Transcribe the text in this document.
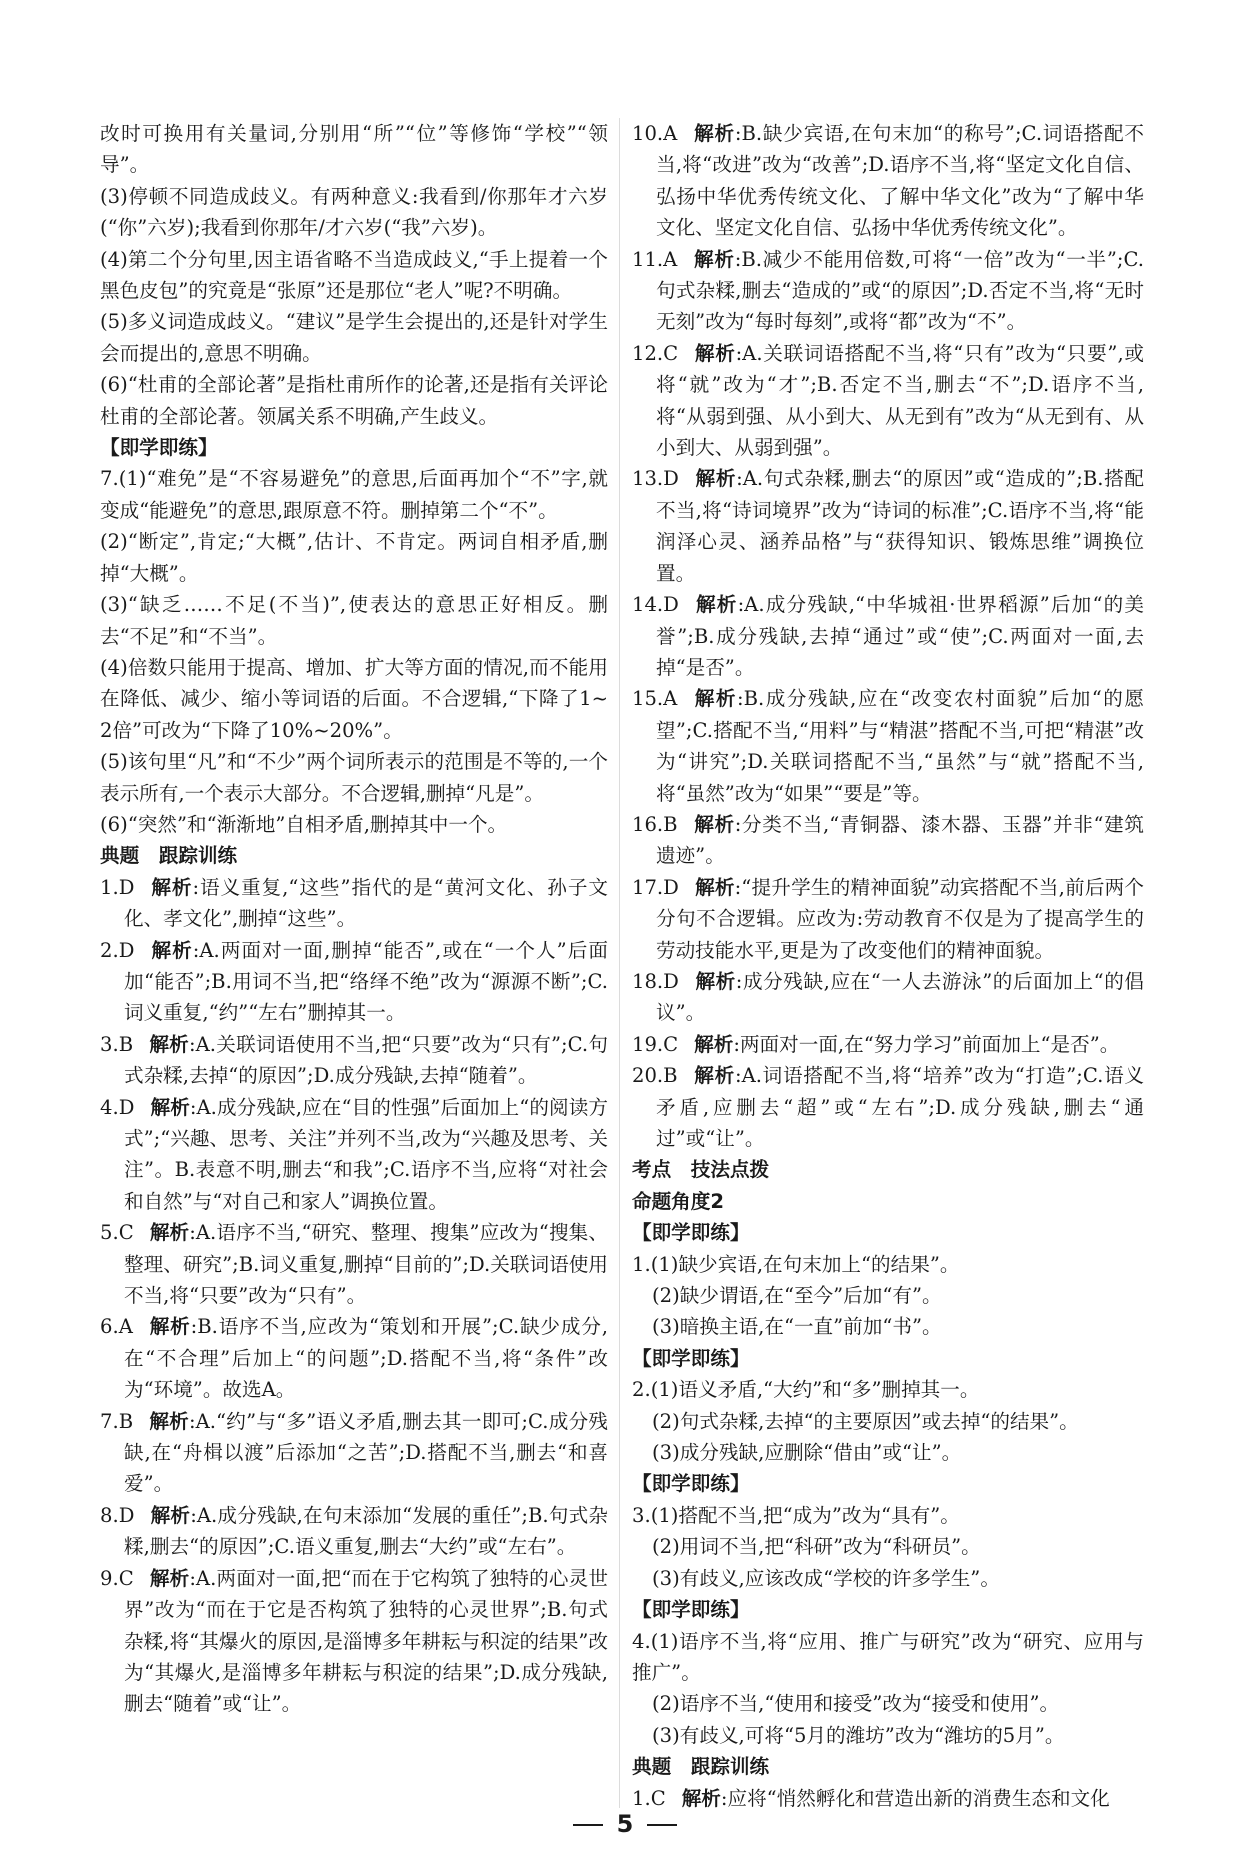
改时可换用有关量词,分别用“所”“位”等修饰“学校”“领导”。

(3)停顿不同造成歧义。有两种意义:我看到/你那年才六岁(“你”六岁);我看到你那年/才六岁(“我”六岁)。

(4)第二个分句里,因主语省略不当造成歧义,“手上提着一个黑色皮包”的究竟是“张原”还是那位“老人”呢?不明确。

(5)多义词造成歧义。“建议”是学生会提出的,还是针对学生会而提出的,意思不明确。

(6)“杜甫的全部论著”是指杜甫所作的论著,还是指有关评论杜甫的全部论著。领属关系不明确,产生歧义。

【即学即练】

7.(1)“难免”是“不容易避免”的意思,后面再加个“不”字,就变成“能避免”的意思,跟原意不符。删掉第二个“不”。

(2)“断定”,肯定;“大概”,估计、不肯定。两词自相矛盾,删掉“大概”。

(3)“缺乏……不足(不当)”,使表达的意思正好相反。删去“不足”和“不当”。

(4)倍数只能用于提高、增加、扩大等方面的情况,而不能用在降低、减少、缩小等词语的后面。不合逻辑,“下降了1~2倍”可改为“下降了10%~20%”。

(5)该句里“凡”和“不少”两个词所表示的范围是不等的,一个表示所有,一个表示大部分。不合逻辑,删掉“凡是”。

(6)“突然”和“渐渐地”自相矛盾,删掉其中一个。

典题　跟踪训练

1.D 解析:语义重复,“这些”指代的是“黄河文化、孙子文化、孝文化”,删掉“这些”。

2.D 解析:A.两面对一面,删掉“能否”,或在“一个人”后面加“能否”;B.用词不当,把“络绎不绝”改为“源源不断”;C.词义重复,“约”“左右”删掉其一。

3.B 解析:A.关联词语使用不当,把“只要”改为“只有”;C.句式杂糅,去掉“的原因”;D.成分残缺,去掉“随着”。

4.D 解析:A.成分残缺,应在“目的性强”后面加上“的阅读方式”;“兴趣、思考、关注”并列不当,改为“兴趣及思考、关注”。B.表意不明,删去“和我”;C.语序不当,应将“对社会和自然”与“对自己和家人”调换位置。

5.C 解析:A.语序不当,“研究、整理、搜集”应改为“搜集、整理、研究”;B.词义重复,删掉“目前的”;D.关联词语使用不当,将“只要”改为“只有”。

6.A 解析:B.语序不当,应改为“策划和开展”;C.缺少成分,在“不合理”后加上“的问题”;D.搭配不当,将“条件”改为“环境”。故选A。

7.B 解析:A.“约”与“多”语义矛盾,删去其一即可;C.成分残缺,在“舟楫以渡”后添加“之苦”;D.搭配不当,删去“和喜爱”。

8.D 解析:A.成分残缺,在句末添加“发展的重任”;B.句式杂糅,删去“的原因”;C.语义重复,删去“大约”或“左右”。

9.C 解析:A.两面对一面,把“而在于它构筑了独特的心灵世界”改为“而在于它是否构筑了独特的心灵世界”;B.句式杂糅,将“其爆火的原因,是淄博多年耕耘与积淀的结果”改为“其爆火,是淄博多年耕耘与积淀的结果”;D.成分残缺,删去“随着”或“让”。

10.A 解析:B.缺少宾语,在句末加“的称号”;C.词语搭配不当,将“改进”改为“改善”;D.语序不当,将“坚定文化自信、弘扬中华优秀传统文化、了解中华文化”改为“了解中华文化、坚定文化自信、弘扬中华优秀传统文化”。

11.A 解析:B.减少不能用倍数,可将“一倍”改为“一半”;C.句式杂糅,删去“造成的”或“的原因”;D.否定不当,将“无时无刻”改为“每时每刻”,或将“都”改为“不”。

12.C 解析:A.关联词语搭配不当,将“只有”改为“只要”,或将“就”改为“才”;B.否定不当,删去“不”;D.语序不当,将“从弱到强、从小到大、从无到有”改为“从无到有、从小到大、从弱到强”。

13.D 解析:A.句式杂糅,删去“的原因”或“造成的”;B.搭配不当,将“诗词境界”改为“诗词的标准”;C.语序不当,将“能润泽心灵、涵养品格”与“获得知识、锻炼思维”调换位置。

14.D 解析:A.成分残缺,“中华城祖·世界稻源”后加“的美誉”;B.成分残缺,去掉“通过”或“使”;C.两面对一面,去掉“是否”。

15.A 解析:B.成分残缺,应在“改变农村面貌”后加“的愿望”;C.搭配不当,“用料”与“精湛”搭配不当,可把“精湛”改为“讲究”;D.关联词搭配不当,“虽然”与“就”搭配不当,将“虽然”改为“如果”“要是”等。

16.B 解析:分类不当,“青铜器、漆木器、玉器”并非“建筑遗迹”。

17.D 解析:“提升学生的精神面貌”动宾搭配不当,前后两个分句不合逻辑。应改为:劳动教育不仅是为了提高学生的劳动技能水平,更是为了改变他们的精神面貌。

18.D 解析:成分残缺,应在“一人去游泳”的后面加上“的倡议”。

19.C 解析:两面对一面,在“努力学习”前面加上“是否”。

20.B 解析:A.词语搭配不当,将“培养”改为“打造”;C.语义矛盾,应删去“超”或“左右”;D.成分残缺,删去“通过”或“让”。

考点　技法点拨

命题角度2

【即学即练】

1.(1)缺少宾语,在句末加上“的结果”。

(2)缺少谓语,在“至今”后加“有”。

(3)暗换主语,在“一直”前加“书”。

【即学即练】

2.(1)语义矛盾,“大约”和“多”删掉其一。

(2)句式杂糅,去掉“的主要原因”或去掉“的结果”。

(3)成分残缺,应删除“借由”或“让”。

【即学即练】

3.(1)搭配不当,把“成为”改为“具有”。

(2)用词不当,把“科研”改为“科研员”。

(3)有歧义,应该改成“学校的许多学生”。

【即学即练】

4.(1)语序不当,将“应用、推广与研究”改为“研究、应用与推广”。

(2)语序不当,“使用和接受”改为“接受和使用”。

(3)有歧义,可将“5月的潍坊”改为“潍坊的5月”。

典题　跟踪训练

1.C 解析:应将“悄然孵化和营造出新的消费生态和文化

5
